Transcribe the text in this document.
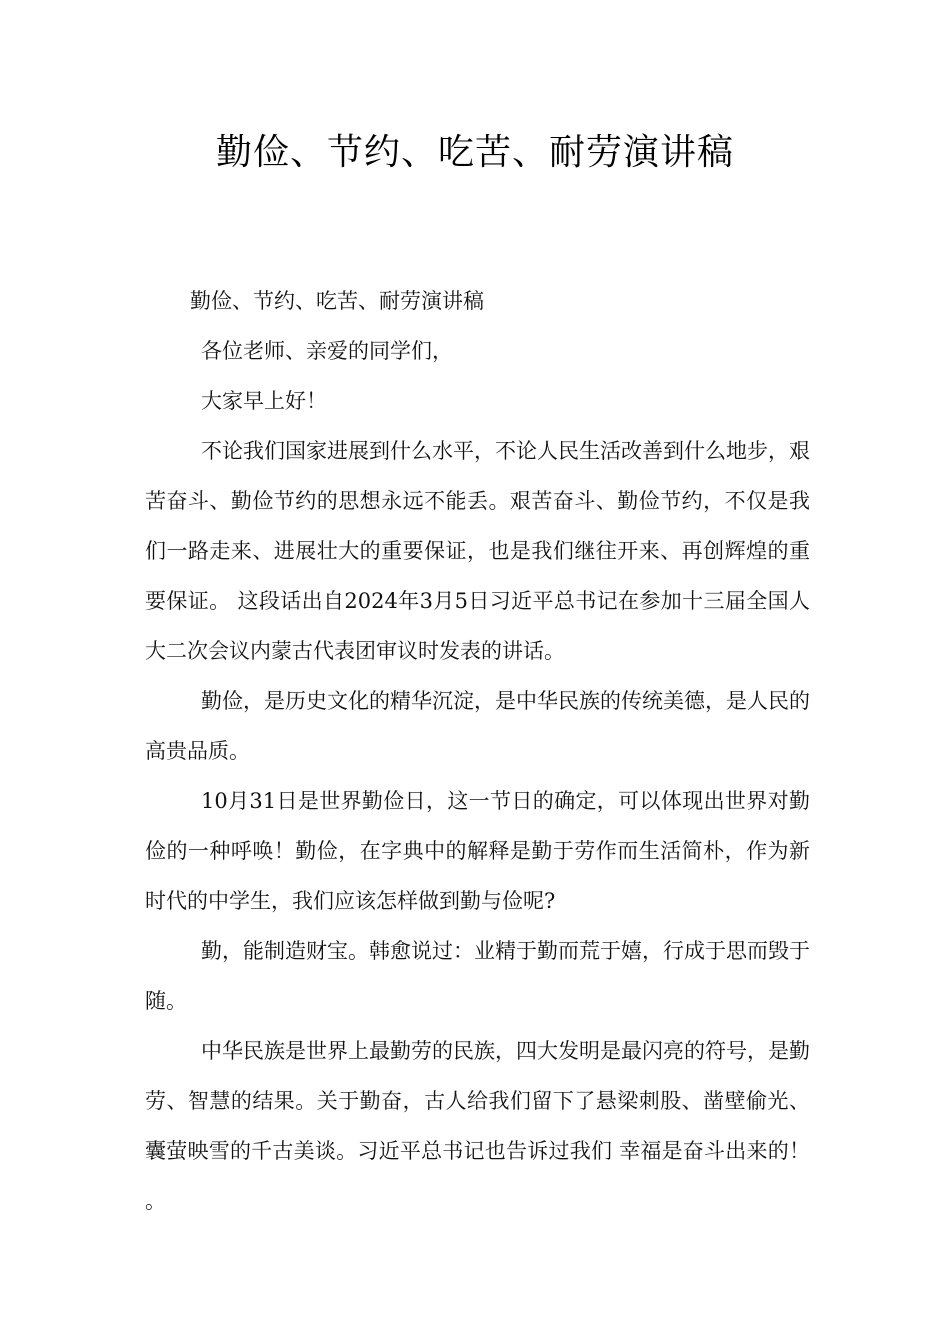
勤俭、节约、吃苦、耐劳演讲稿

勤俭、节约、吃苦、耐劳演讲稿

各位老师、亲爱的同学们，

大家早上好！

不论我们国家进展到什么水平，不论人民生活改善到什么地步，艰苦奋斗、勤俭节约的思想永远不能丢。艰苦奋斗、勤俭节约，不仅是我们一路走来、进展壮大的重要保证，也是我们继往开来、再创辉煌的重要保证。 这段话出自2024年3月5日习近平总书记在参加十三届全国人大二次会议内蒙古代表团审议时发表的讲话。

勤俭，是历史文化的精华沉淀，是中华民族的传统美德，是人民的高贵品质。

10月31日是世界勤俭日，这一节日的确定，可以体现出世界对勤俭的一种呼唤！勤俭，在字典中的解释是勤于劳作而生活简朴，作为新时代的中学生，我们应该怎样做到勤与俭呢?

勤，能制造财宝。韩愈说过：业精于勤而荒于嬉，行成于思而毁于随。

中华民族是世界上最勤劳的民族，四大发明是最闪亮的符号，是勤劳、智慧的结果。关于勤奋，古人给我们留下了悬梁刺股、凿壁偷光、囊萤映雪的千古美谈。习近平总书记也告诉过我们 幸福是奋斗出来的！ 。
